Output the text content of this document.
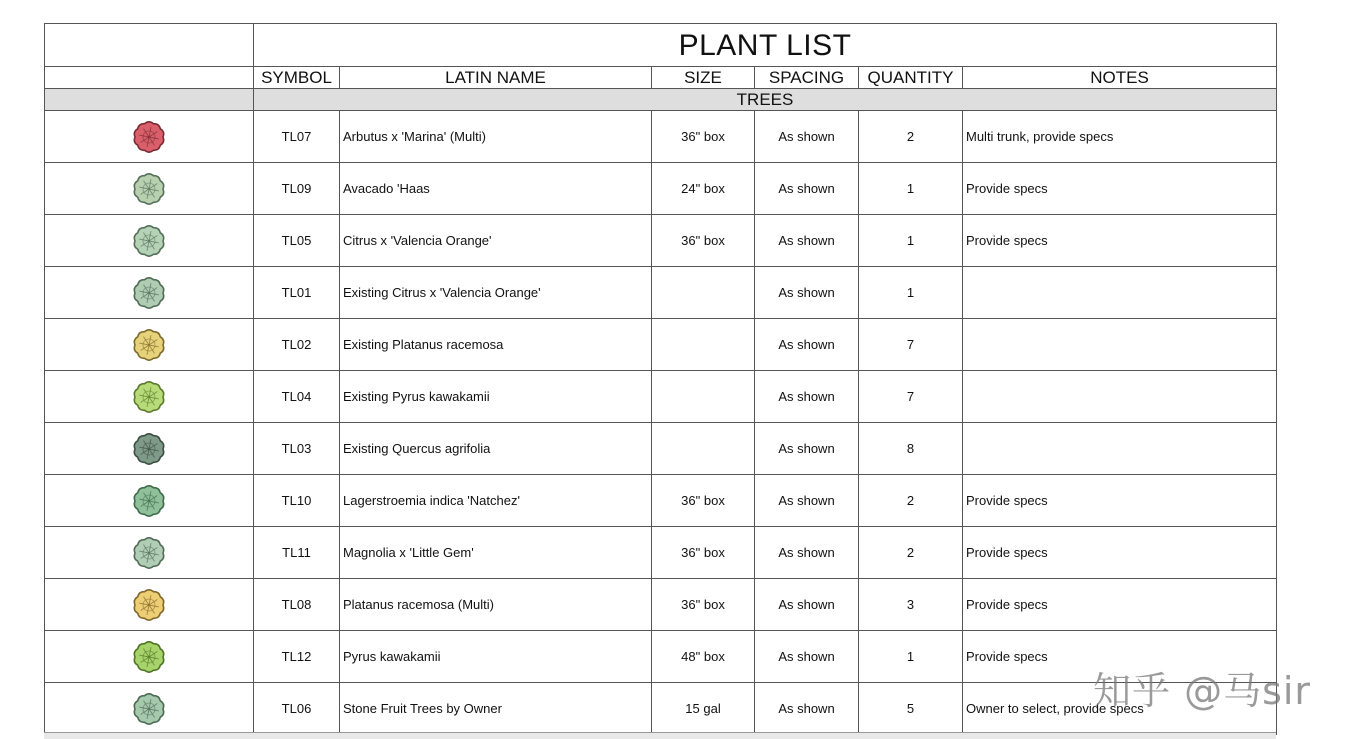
	PLANT LIST					
	SYMBOL	LATIN NAME	SIZE	SPACING	QUANTITY	NOTES
	TREES					

	TL07	Arbutus x 'Marina' (Multi)	36" box	As shown	2	Multi trunk, provide specs

	TL09	Avacado 'Haas	24" box	As shown	1	Provide specs

	TL05	Citrus x 'Valencia Orange'	36" box	As shown	1	Provide specs

	TL01	Existing Citrus x 'Valencia Orange'		As shown	1	

	TL02	Existing Platanus racemosa		As shown	7	

	TL04	Existing Pyrus kawakamii		As shown	7	

	TL03	Existing Quercus agrifolia		As shown	8	

	TL10	Lagerstroemia indica 'Natchez'	36" box	As shown	2	Provide specs

	TL11	Magnolia x 'Little Gem'	36" box	As shown	2	Provide specs

	TL08	Platanus racemosa (Multi)	36" box	As shown	3	Provide specs

	TL12	Pyrus kawakamii	48" box	As shown	1	Provide specs

	TL06	Stone Fruit Trees by Owner	15 gal	As shown	5	Owner to select, provide specs
知乎 @马sir
